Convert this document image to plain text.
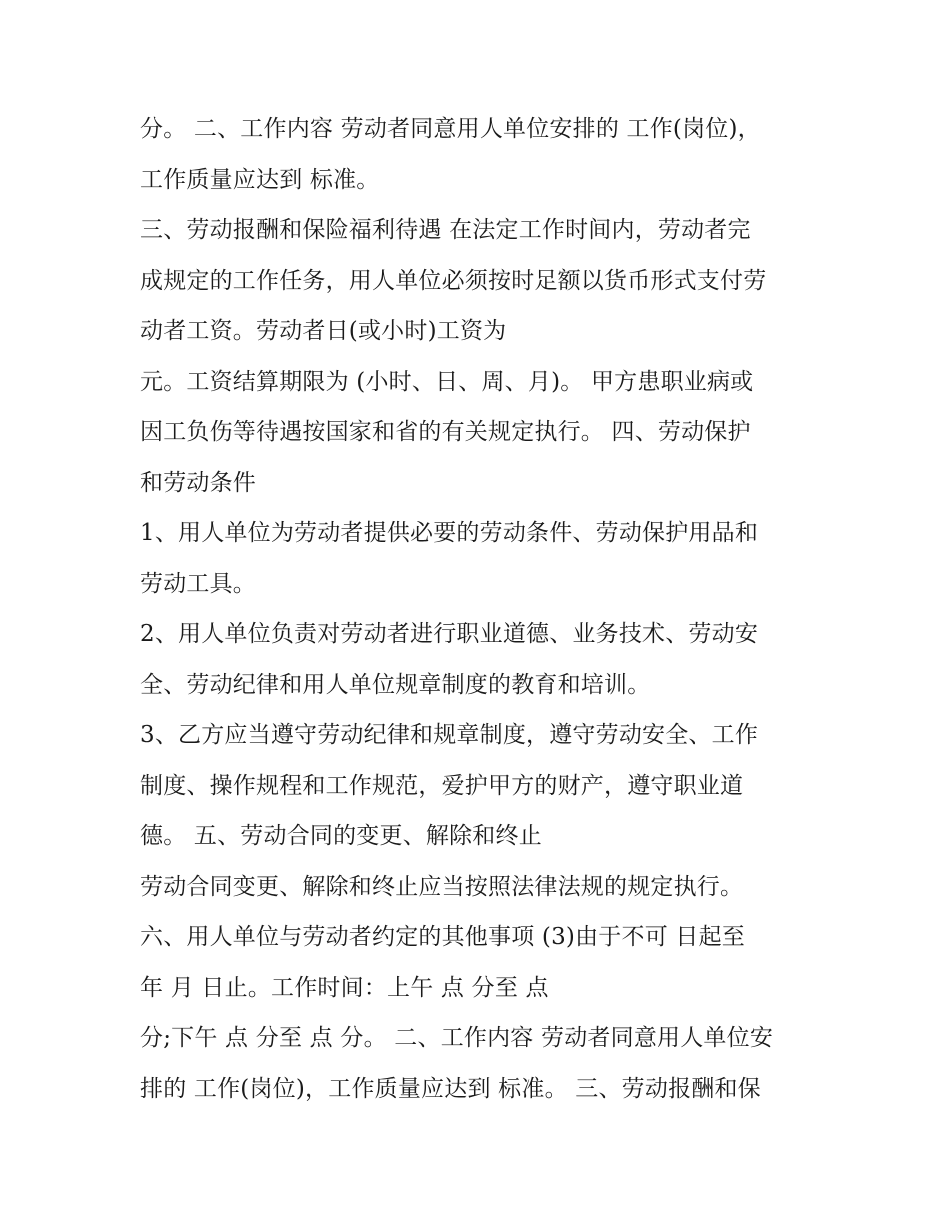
分。 二、工作内容 劳动者同意用人单位安排的 工作(岗位)，
工作质量应达到 标准。
三、劳动报酬和保险福利待遇 在法定工作时间内，劳动者完
成规定的工作任务，用人单位必须按时足额以货币形式支付劳
动者工资。劳动者日(或小时)工资为
元。工资结算期限为 (小时、日、周、月)。 甲方患职业病或
因工负伤等待遇按国家和省的有关规定执行。 四、劳动保护
和劳动条件
1、用人单位为劳动者提供必要的劳动条件、劳动保护用品和
劳动工具。
2、用人单位负责对劳动者进行职业道德、业务技术、劳动安
全、劳动纪律和用人单位规章制度的教育和培训。
3、乙方应当遵守劳动纪律和规章制度，遵守劳动安全、工作
制度、操作规程和工作规范，爱护甲方的财产，遵守职业道
德。 五、劳动合同的变更、解除和终止
劳动合同变更、解除和终止应当按照法律法规的规定执行。
六、用人单位与劳动者约定的其他事项 (3)由于不可 日起至
年 月 日止。工作时间：上午 点 分至 点
分;下午 点 分至 点 分。 二、工作内容 劳动者同意用人单位安
排的 工作(岗位)，工作质量应达到 标准。 三、劳动报酬和保
